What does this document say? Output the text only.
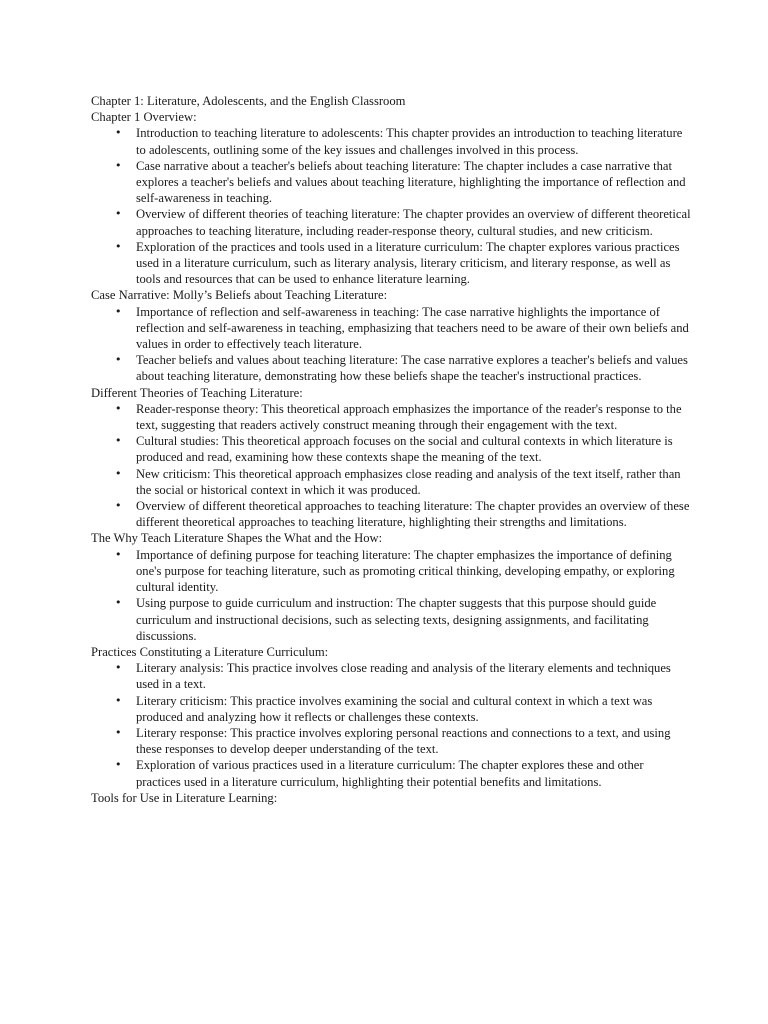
Chapter 1: Literature, Adolescents, and the English Classroom

Chapter 1 Overview:

• Introduction to teaching literature to adolescents: This chapter provides an introduction to teaching literature to adolescents, outlining some of the key issues and challenges involved in this process.
• Case narrative about a teacher's beliefs about teaching literature: The chapter includes a case narrative that explores a teacher's beliefs and values about teaching literature, highlighting the importance of reflection and self-awareness in teaching.
• Overview of different theories of teaching literature: The chapter provides an overview of different theoretical approaches to teaching literature, including reader-response theory, cultural studies, and new criticism.
• Exploration of the practices and tools used in a literature curriculum: The chapter explores various practices used in a literature curriculum, such as literary analysis, literary criticism, and literary response, as well as tools and resources that can be used to enhance literature learning.

Case Narrative: Molly’s Beliefs about Teaching Literature:

• Importance of reflection and self-awareness in teaching: The case narrative highlights the importance of reflection and self-awareness in teaching, emphasizing that teachers need to be aware of their own beliefs and values in order to effectively teach literature.
• Teacher beliefs and values about teaching literature: The case narrative explores a teacher's beliefs and values about teaching literature, demonstrating how these beliefs shape the teacher's instructional practices.

Different Theories of Teaching Literature:

• Reader-response theory: This theoretical approach emphasizes the importance of the reader's response to the text, suggesting that readers actively construct meaning through their engagement with the text.
• Cultural studies: This theoretical approach focuses on the social and cultural contexts in which literature is produced and read, examining how these contexts shape the meaning of the text.
• New criticism: This theoretical approach emphasizes close reading and analysis of the text itself, rather than the social or historical context in which it was produced.
• Overview of different theoretical approaches to teaching literature: The chapter provides an overview of these different theoretical approaches to teaching literature, highlighting their strengths and limitations.

The Why Teach Literature Shapes the What and the How:

• Importance of defining purpose for teaching literature: The chapter emphasizes the importance of defining one's purpose for teaching literature, such as promoting critical thinking, developing empathy, or exploring cultural identity.
• Using purpose to guide curriculum and instruction: The chapter suggests that this purpose should guide curriculum and instructional decisions, such as selecting texts, designing assignments, and facilitating discussions.

Practices Constituting a Literature Curriculum:

• Literary analysis: This practice involves close reading and analysis of the literary elements and techniques used in a text.
• Literary criticism: This practice involves examining the social and cultural context in which a text was produced and analyzing how it reflects or challenges these contexts.
• Literary response: This practice involves exploring personal reactions and connections to a text, and using these responses to develop deeper understanding of the text.
• Exploration of various practices used in a literature curriculum: The chapter explores these and other practices used in a literature curriculum, highlighting their potential benefits and limitations.

Tools for Use in Literature Learning:
